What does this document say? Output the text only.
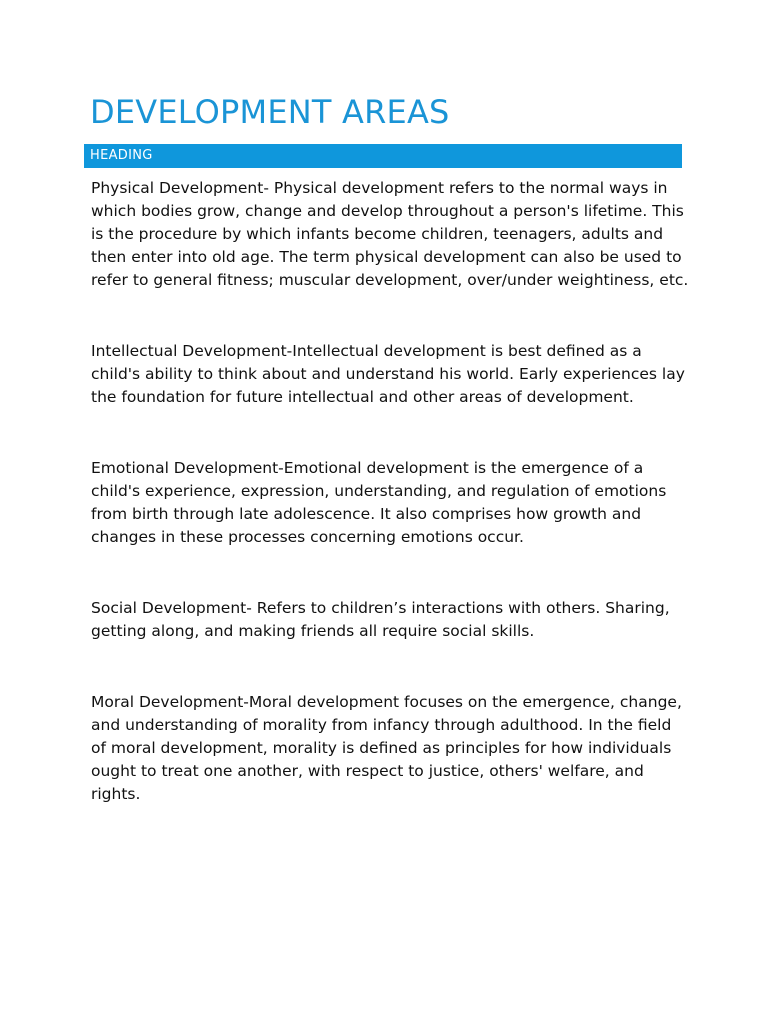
DEVELOPMENT AREAS
HEADING

Physical Development- Physical development refers to the normal ways in which bodies grow, change and develop throughout a person's lifetime. This is the procedure by which infants become children, teenagers, adults and then enter into old age. The term physical development can also be used to refer to general fitness; muscular development, over/under weightiness, etc.

Intellectual Development-Intellectual development is best defined as a child's ability to think about and understand his world. Early experiences lay the foundation for future intellectual and other areas of development.

Emotional Development-Emotional development is the emergence of a child's experience, expression, understanding, and regulation of emotions from birth through late adolescence. It also comprises how growth and changes in these processes concerning emotions occur.

Social Development- Refers to children’s interactions with others. Sharing, getting along, and making friends all require social skills.

Moral Development-Moral development focuses on the emergence, change, and understanding of morality from infancy through adulthood. In the field of moral development, morality is defined as principles for how individuals ought to treat one another, with respect to justice, others' welfare, and rights.
